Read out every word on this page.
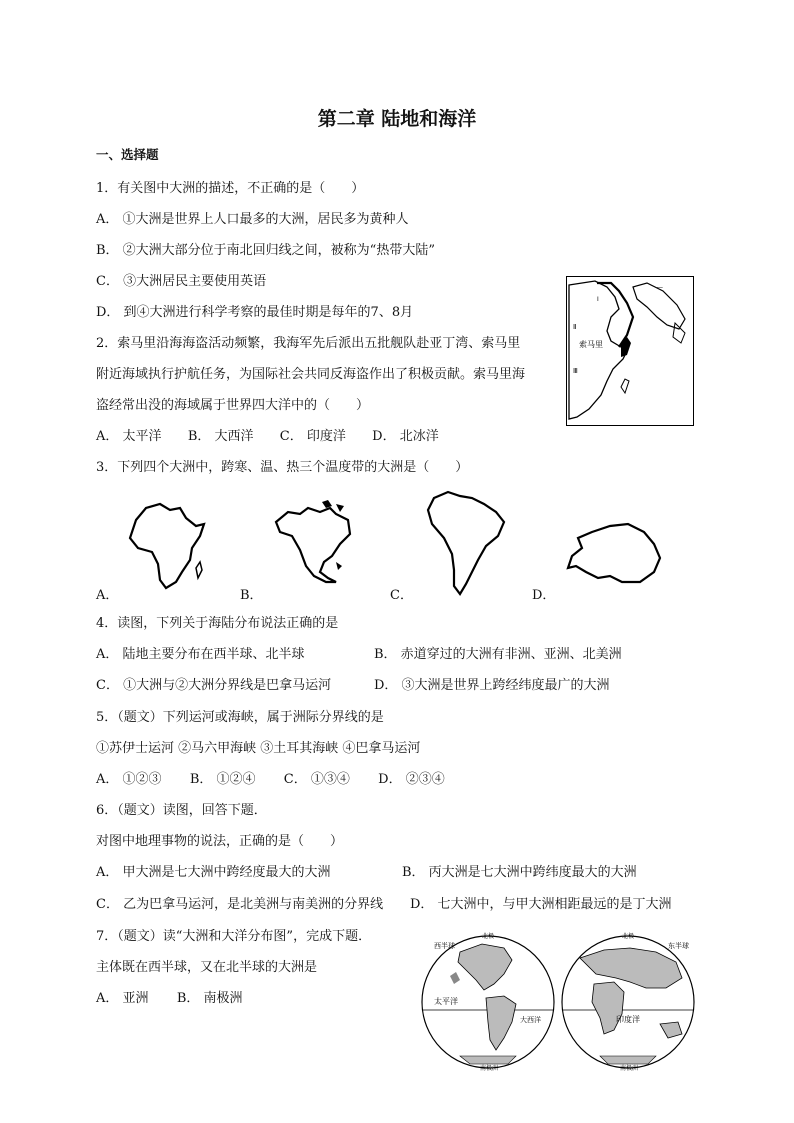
第二章 陆地和海洋
一、选择题
1．有关图中大洲的描述，不正确的是（　　）
A． ①大洲是世界上人口最多的大洲，居民多为黄种人
B． ②大洲大部分位于南北回归线之间，被称为“热带大陆”
C． ③大洲居民主要使用英语
D． 到④大洲进行科学考察的最佳时期是每年的7、8月
2．索马里沿海海盗活动频繁，我海军先后派出五批舰队赴亚丁湾、索马里
附近海域执行护航任务，为国际社会共同反海盗作出了积极贡献。索马里海
盗经常出没的海域属于世界四大洋中的（　　）
A． 太平洋 B． 大西洋 C． 印度洋 D． 北冰洋
Ⅱ
Ⅲ
Ⅰ
—
索马里
3．下列四个大洲中，跨寒、温、热三个温度带的大洲是（　　）
A．	B．	C．	D．
4．读图，下列关于海陆分布说法正确的是
A． 陆地主要分布在西半球、北半球	B． 赤道穿过的大洲有非洲、亚洲、北美洲
C． ①大洲与②大洲分界线是巴拿马运河	D． ③大洲是世界上跨经纬度最广的大洲
5．（题文）下列运河或海峡，属于洲际分界线的是
①苏伊士运河 ②马六甲海峡 ③土耳其海峡 ④巴拿马运河
A． ①②③ B． ①②④ C． ①③④ D． ②③④
6．（题文）读图，回答下题．
对图中地理事物的说法，正确的是（　　）
A． 甲大洲是七大洲中跨经度最大的大洲	B． 丙大洲是七大洲中跨纬度最大的大洲
C． 乙为巴拿马运河，是北美洲与南美洲的分界线 D． 七大洲中，与甲大洲相距最远的是丁大洲
7．（题文）读“大洲和大洋分布图”，完成下题．
主体既在西半球，又在北半球的大洲是
A． 亚洲 B． 南极洲
西半球	东半球
北极	北极
太平洋
大西洋	印度洋
南极洲	南极洲
